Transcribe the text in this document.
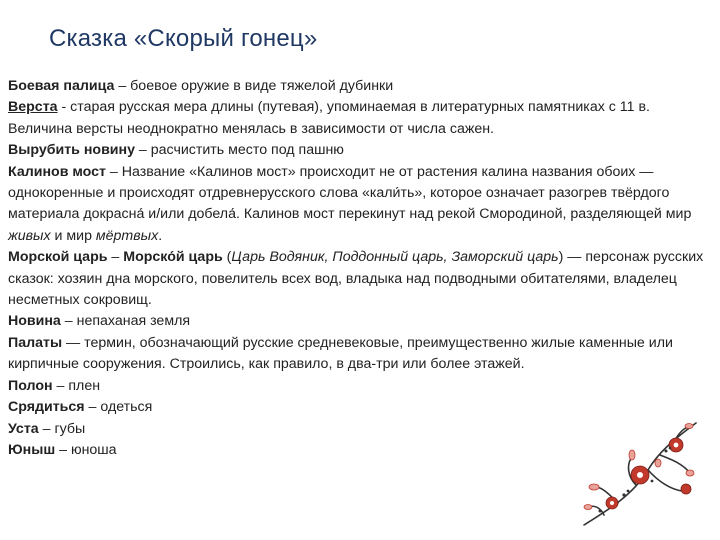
Сказка «Скорый гонец»

Боевая палица – боевое оружие в виде тяжелой дубинки

Верста - старая русская мера длины (путевая), упоминаемая в литературных памятниках с 11 в. Величина версты неоднократно менялась в зависимости от числа сажен.

Вырубить новину – расчистить место под пашню

Калинов мост – Название «Калинов мост» происходит не от растения калина названия обоих — однокоренные и происходят отдревнерусского слова «кали́ть», которое означает разогрев твёрдого материала докрасна́ и/или добела́. Калинов мост перекинут над рекой Смородиной, разделяющей мир живых и мир мёртвых.

Морской царь – Морско́й царь (Царь Водяник, Поддонный царь, Заморский царь) — персонаж русских сказок: хозяин дна морского, повелитель всех вод, владыка над подводными обитателями, владелец несметных сокровищ.

Новина – непаханая земля

Палаты — термин, обозначающий русские средневековые, преимущественно жилые каменные или кирпичные сооружения. Строились, как правило, в два-три или более этажей.

Полон – плен

Срядиться – одеться

Уста – губы

Юныш – юноша
